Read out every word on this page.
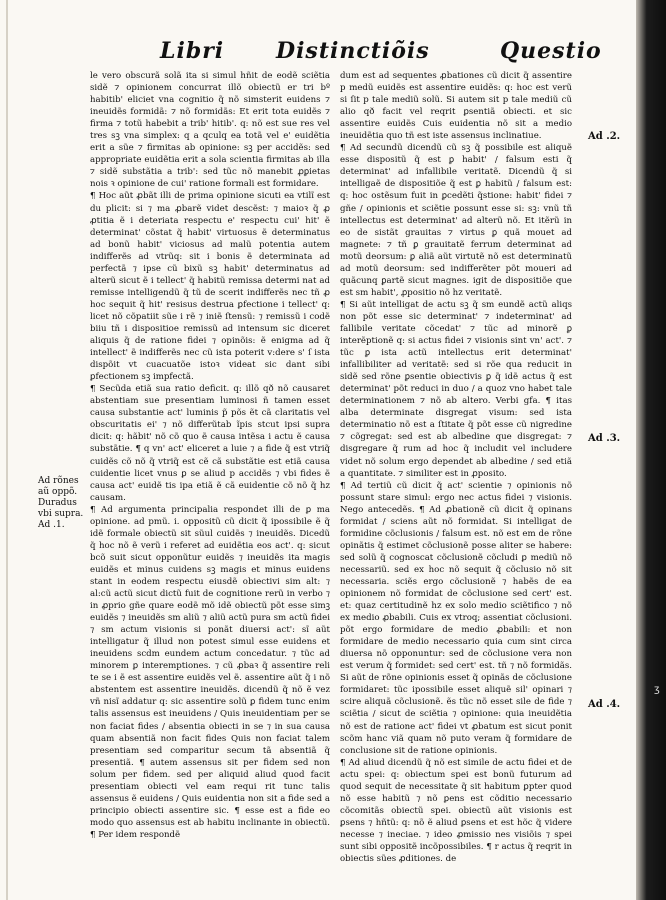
Libri Distinctiõis	Questio

le vero obscurã solã ita si simul hñit de eodẽ sciẽtia sidẽ ⁊ opinionem concurrat illõ obiectũ er tri bº habitib' eliciet vna cognitio q̃ nõ simsterit euidens ⁊ ineuidẽs formidã: ⁊ nõ formidãs: Et erit tota euidẽs ⁊ firma ⁊ totũ habebit a trib' hitib'. q: nõ est sue res vel tres sꝫ vna simplex: q a qculq ea totã vel e' euidẽtia erit a sũe ⁊ firmitas ab opinione: sꝫ per accidẽs: sed appropriate euidẽtia erit a sola scientia firmitas ab illa ⁊ sidẽ substãtia a trib': sed tũc nõ manebit ꝓꝑietas nois ꝛ opinione de cui' ratione formali est formidare.

¶ Hoc aũt ꝓbãt illi de prima opinione sicuti ea vtilĩ est du plicit: si ⁊ ma ꝓbarẽ videt descẽst: ⁊ maioꝛ q̃ ꝓ ꝓtitia ẽ i deteriata respectu e' respectu cui' hit' ẽ determinat' cõstat q̃ habit' virtuosus ẽ determinatus ad bonũ habit' viciosus ad malũ potentia autem indifferẽs ad vtrũq: sit i bonis ẽ determinata ad perfectã ⁊ ipse cũ bixũ sꝫ habit' determinatus ad alterũ sicut ẽ i tellect' q̃ habitũ remissa determi nat ad remisse intelligendũ q̃ tũ de scerit indifferẽs nec tñ ꝓ hoc sequit q̃ hit' resisus destrua ꝑfectione i tellect' q: licet nõ cõpatiit sũe i rẽ ⁊ iniẽ ſtensũ: ⁊ remissũ i codẽ biiu tñ i dispositioe remissũ ad intensum sic diceret aliquis q̃ de ratione fidei ⁊ opinõis: ẽ enigma ad q̃ intellect' ẽ indifferẽs nec cũ ista poterit v:dere s' ſ ista dispõit vt cuacuatõe istoꝛ videat sic dant sibi ꝑfectionem sꝫ impfectã.

¶ Secũda etiã sua ratio deficit. q: illõ qð nõ causaret abstentiam sue presentiam luminosi ñ tamen esset causa substantie act' luminis p̃ põs ẽt cã claritatis vel obscuritatis ei' ⁊ nõ differũtab ĩpis stcut ipsi supra dicit: q: hãbit' nõ cõ quo ẽ causa intẽsa i actu ẽ causa substãtie. ¶ q vn' act' eliceret a luie ⁊ a fide q̃ est vtriq̃ cuidẽs cõ nõ q̃ vtriq̃ est cẽ cã substãtie est etiã causa cuidentie licet vnus ꝑ se aliud p accidẽs ⁊ vbi fides ẽ causa act' euidẽ tis ipa etiã ẽ cã euidentie cõ nõ q̃ hz causam.

¶ Ad argumenta principalia respondet illi de ꝑ ma opinione. ad pmũ. i. oppositũ cũ dicit q̃ ipossibile ẽ q̃ idẽ formale obiectũ sit sũul cuidẽs ⁊ ineuidẽs. Dicedũ q̃ hoc nõ ẽ verũ i referet ad euidẽtia eos act'. q: sicut bcõ suit sicut opponũtur euidẽs ⁊ ineuidẽs ita magis euidẽs et minus cuidens sꝫ magis et minus euidens stant in eodem respectu eiusdẽ obiectivi sim alt: ⁊ al:cũ actũ sicut dictũ fuit de cognitione rerũ in verbo ⁊ in ꝓprio gñe quare eodẽ mõ idẽ obiectũ põt esse simꝫ euidẽs ⁊ ineuidẽs sm aliũ ⁊ aliũ actũ pura sm actũ fidei ⁊ sm actum visionis si ponãt diuersi act': sĩ aũt intelligatur q̃ illud non potest simul esse euidens et ineuidens scdm eundem actum concedatur. ⁊ tũc ad minorem ꝑ interemptiones. ⁊ cũ ꝓbaꝛ q̃ assentire reli te se i ẽ est assentire euidẽs vel ẽ. assentire aũt q̃ i nõ abstentem est assentire ineuidẽs. dicendũ q̃ nõ ẽ vez vñ nisĩ addatur q: sic assentire solũ ꝑ fidem tunc enim talis assensus est ineuidens / Quis ineuidentiam per se non faciat fides / absentia obiecti in se ⁊ in sua causa quam absentiã non facit fides Quis non faciat talem presentiam sed comparitur secum tã absentiã q̃ presentiã. ¶ autem assensus sit per fidem sed non solum per fidem. sed per aliquid aliud quod facit presentiam obiecti vel eam requi rit tunc talis assensus ẽ euidens / Quis euidentia non sit a fide sed a principio obiecti assentire sic. ¶ esse est a fide eo modo quo assensus est ab habitu inclinante in obiectũ. ¶ Per idem respondẽ

dum est ad sequentes ꝓbationes cũ dicit q̃ assentire p medũ euidẽs est assentire euidẽs: q: hoc est verũ si ſit p tale mediũ solũ. Si autem sit p tale mediũ cũ alio qð facit vel reqrit ꝑsentiã obiecti. et sic assentire euidẽs Cuis euidentia nõ sit a medio ineuidẽtia quo tñ est iste assensus inclinatiue.

¶ Ad secundũ dicendũ cũ sꝫ q̃ possibile est aliquẽ esse dispositũ q̃ est ꝑ habit' / falsum esti q̃ determinat' ad infallibile veritatẽ. Dicendũ q̃ si intelligaẽ de dispositiõe q̃ est ꝑ habitũ / falsum est: q: hoc ostẽsum fuit in ꝑcedẽti q̃stione: habit' fidei ⁊ gñe / opinionis et sciẽtie possunt esse si: sꝫ: vnũ tñ intellectus est determinat' ad alterũ nõ. Et itẽrũ in eo de sistãt grauitas ⁊ virtus ꝑ quã mouet ad magnete: ⁊ tñ ꝑ grauitatẽ ferrum determinat ad motũ deorsum: ꝑ aliã aũt virtutẽ nõ est determinatũ ad motũ deorsum: sed indifferẽter põt moueri ad quãcunq ꝑartẽ sicut magnes. igit de dispositiõe que est sm habit', ꝓpositio nõ hz veritatẽ.

¶ Si aũt intelligat de actu sꝫ q̃ sm eundẽ actũ aliqs non põt esse sic determinat' ⁊ indeterminat' ad fallibile veritate cõcedat' ⁊ tũc ad minorẽ ꝑ interẽptionẽ q: si actus fidei ⁊ visionis sint vn' act'. ⁊ tũc ꝑ ista actũ intellectus erit determinat' infallibiliter ad veritatẽ: sed si rõe qua reducit in sidẽ sed rõne ꝑsentie obiectivis ꝑ q̃ idẽ actus q̃ est determinat' põt reduci in duo / a quoz vno habet tale determinationem ⁊ nõ ab altero. Verbi gfa. ¶ itas alba determinate disgregat visum: sed ista determinatio nõ est a ſtitate q̃ põt esse cũ nigredine ⁊ cõgregat: sed est ab albedine que disgregat: ⁊ disgregare q̃ rum ad hoc q̃ includit vel includere videt nõ solum ergo dependet ab albedine / sed etiã a quantitate. ⁊ similiter est in ꝓposito.

¶ Ad tertiũ cũ dicit q̃ act' scientie ⁊ opinionis nõ possunt stare simul: ergo nec actus fidei ⁊ visionis. Nego antecedẽs. ¶ Ad ꝓbationẽ cũ dicit q̃ opinans formidat / sciens aũt nõ formidat. Si intelligat de formidine cõclusionis / falsum est. nõ est em de rõne opinãtis q̃ estimet cõclusionẽ posse aliter se habere: sed solũ q̃ cognoscat cõclusionẽ cõcludi ꝑ mediũ nõ necessariũ. sed ex hoc nõ sequit q̃ cõclusio nõ sit necessaria. sciẽs ergo cõclusionẽ ⁊ habẽs de ea opinionem nõ formidat de cõclusione sed cert' est. et: quaz certitudinẽ hz ex solo medio sciẽtifico ⁊ nõ ex medio ꝓbabili. Cuis ex vtroq; assentiat cõclusioni. põt ergo formidare de medio ꝓbabili: et non formidare de medio necessario quia cum sint circa diuersa nõ opponuntur: sed de cõclusione vera non est verum q̃ formidet: sed cert' est. tñ ⁊ nõ formidãs. Si aũt de rõne opinionis esset q̃ opinãs de cõclusione formidaret: tũc ipossibile esset aliquẽ sil' opinari ⁊ scire aliquã cõclusionẽ. ẽs tũc nõ esset sile de fide ⁊ sciẽtia / sicut de sciẽtia ⁊ opinione: quia ineuidẽtia nõ est de ratione act' fidei vt ꝓbatum est sicut ponit scõm hanc viã quam nõ puto veram q̃ formidare de conclusione sit de ratione opinionis.

¶ Ad aliud dicendũ q̃ nõ est simile de actu fidei et de actu spei: q: obiectum spei est bonũ futurum ad quod sequit de necessitate q̃ sit habitum ꝑpter quod nõ esse habitũ ⁊ nõ ꝑens est cõditio necessario cõcomitãs obiectũ spei. obiectũ aũt visionis est ꝑsens ⁊ hñtũ: q: nõ ẽ aliud ꝑsens et est hõc q̃ videre necesse ⁊ ineciae. ⁊ ideo ꝓmissio nes visiõis ⁊ spei sunt sibi oppositẽ incõpossibiles. ¶ r actus q̃ reqrit in obiectis sũes ꝓditiones. de

Ad rõnes
aũ oppõ.
Duradus
vbi supra.
Ad .1.
Ad .2.
Ad .3.
Ad .4.
ʒ
